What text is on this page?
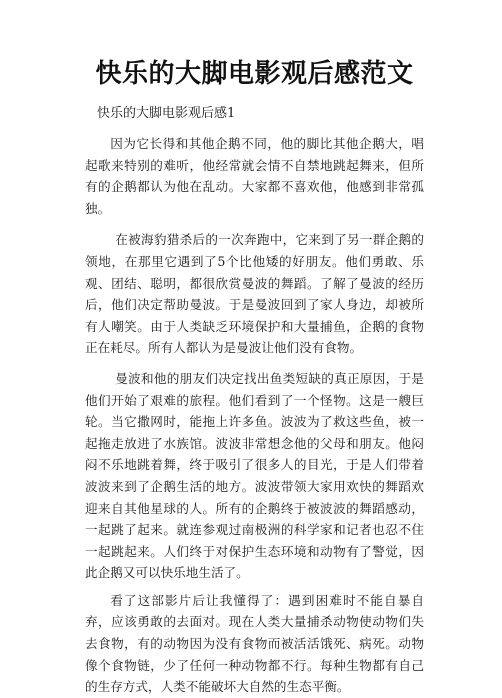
快乐的大脚电影观后感范文
快乐的大脚电影观后感1

因为它长得和其他企鹅不同，他的脚比其他企鹅大，唱起歌来特别的难听，他经常就会情不自禁地跳起舞来，但所有的企鹅都认为他在乱动。大家都不喜欢他，他感到非常孤独。

在被海豹猎杀后的一次奔跑中，它来到了另一群企鹅的领地，在那里它遇到了5个比他矮的好朋友。他们勇敢、乐观、团结、聪明，都很欣赏曼波的舞蹈。了解了曼波的经历后，他们决定帮助曼波。于是曼波回到了家人身边，却被所有人嘲笑。由于人类缺乏环境保护和大量捕鱼，企鹅的食物正在耗尽。所有人都认为是曼波让他们没有食物。

曼波和他的朋友们决定找出鱼类短缺的真正原因，于是他们开始了艰难的旅程。他们看到了一个怪物。这是一艘巨轮。当它撒网时，能拖上许多鱼。波波为了救这些鱼，被一起拖走放进了水族馆。波波非常想念他的父母和朋友。他闷闷不乐地跳着舞，终于吸引了很多人的目光，于是人们带着波波来到了企鹅生活的地方。波波带领大家用欢快的舞蹈欢迎来自其他星球的人。所有的企鹅终于被波波的舞蹈感动，一起跳了起来。就连参观过南极洲的科学家和记者也忍不住一起跳起来。人们终于对保护生态环境和动物有了警觉，因此企鹅又可以快乐地生活了。

看了这部影片后让我懂得了：遇到困难时不能自暴自弃，应该勇敢的去面对。现在人类大量捕杀动物使动物们失去食物，有的动物因为没有食物而被活活饿死、病死。动物像个食物链，少了任何一种动物都不行。每种生物都有自己的生存方式，人类不能破坏大自然的生态平衡。
